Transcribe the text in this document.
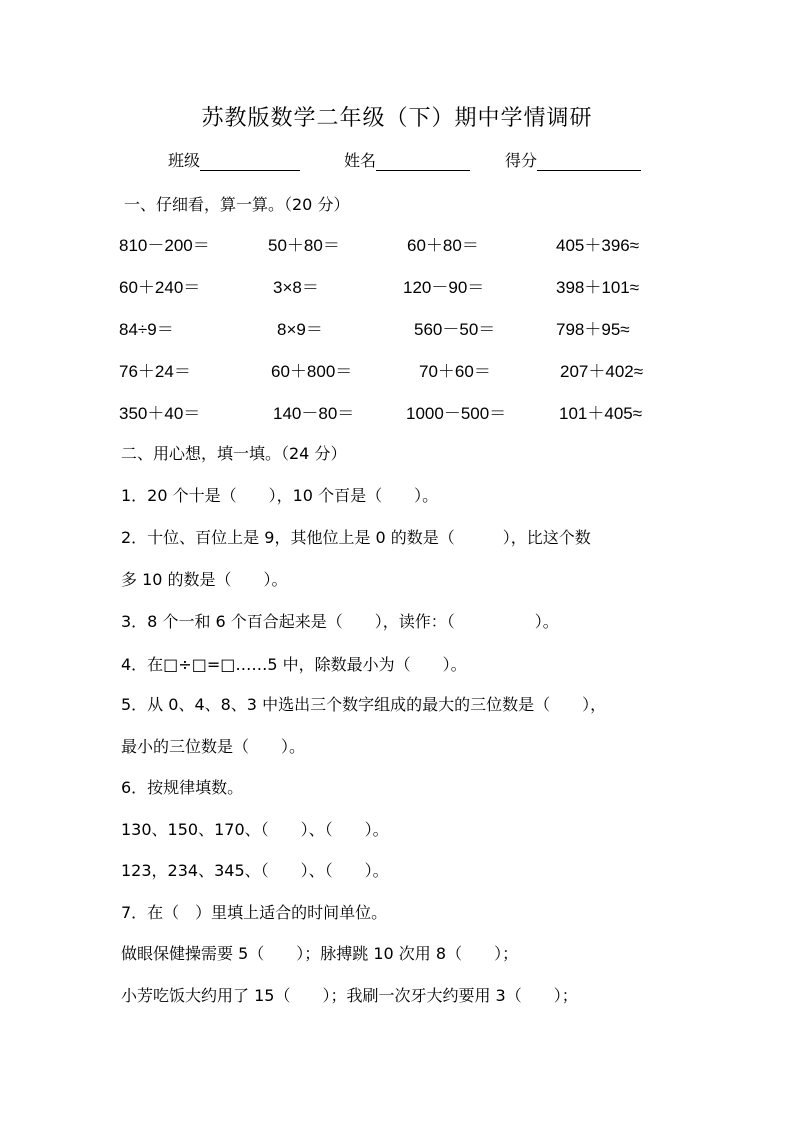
苏教版数学二年级（下）期中学情调研
班级	姓名	得分
一、仔细看，算一算。（20 分）
810－200＝	50＋80＝	60＋80＝	405＋396≈
60＋240＝	3×8＝	120－90＝	398＋101≈
84÷9＝	8×9＝	560－50＝	798＋95≈
76＋24＝	60＋800＝	70＋60＝	207＋402≈
350＋40＝	140－80＝	1000－500＝	101＋405≈
二、用心想，填一填。（24 分）
1．20 个十是（　　），10 个百是（　　）。
2．十位、百位上是 9，其他位上是 0 的数是（　　　），比这个数
多 10 的数是（　　）。
3．8 个一和 6 个百合起来是（　　），读作：（　　　　　）。
4．在□÷□=□……5 中，除数最小为（　　）。
5．从 0、4、8、3 中选出三个数字组成的最大的三位数是（　　），
最小的三位数是（　　）。
6．按规律填数。
130、150、170、（　　）、（　　）。
123，234、345、（　　）、（　　）。
7．在（　）里填上适合的时间单位。
做眼保健操需要 5（　　）；脉搏跳 10 次用 8（　　）；
小芳吃饭大约用了 15（　　）；我刷一次牙大约要用 3（　　）；
